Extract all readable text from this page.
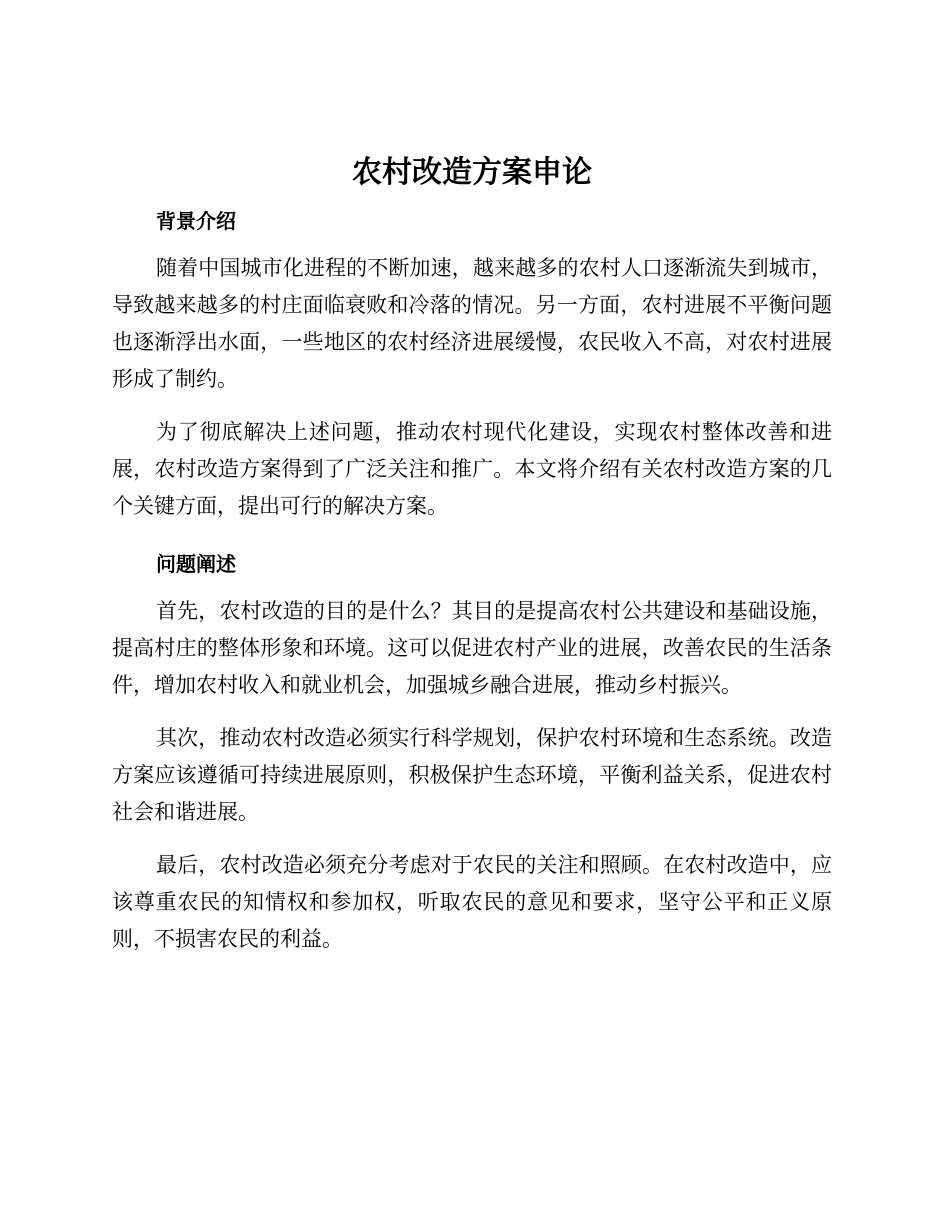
农村改造方案申论
背景介绍

随着中国城市化进程的不断加速，越来越多的农村人口逐渐流失到城市，导致越来越多的村庄面临衰败和冷落的情况。另一方面，农村进展不平衡问题也逐渐浮出水面，一些地区的农村经济进展缓慢，农民收入不高，对农村进展形成了制约。

为了彻底解决上述问题，推动农村现代化建设，实现农村整体改善和进展，农村改造方案得到了广泛关注和推广。本文将介绍有关农村改造方案的几个关键方面，提出可行的解决方案。

问题阐述

首先，农村改造的目的是什么？其目的是提高农村公共建设和基础设施，提高村庄的整体形象和环境。这可以促进农村产业的进展，改善农民的生活条件，增加农村收入和就业机会，加强城乡融合进展，推动乡村振兴。

其次，推动农村改造必须实行科学规划，保护农村环境和生态系统。改造方案应该遵循可持续进展原则，积极保护生态环境，平衡利益关系，促进农村社会和谐进展。

最后，农村改造必须充分考虑对于农民的关注和照顾。在农村改造中，应该尊重农民的知情权和参加权，听取农民的意见和要求，坚守公平和正义原则，不损害农民的利益。
